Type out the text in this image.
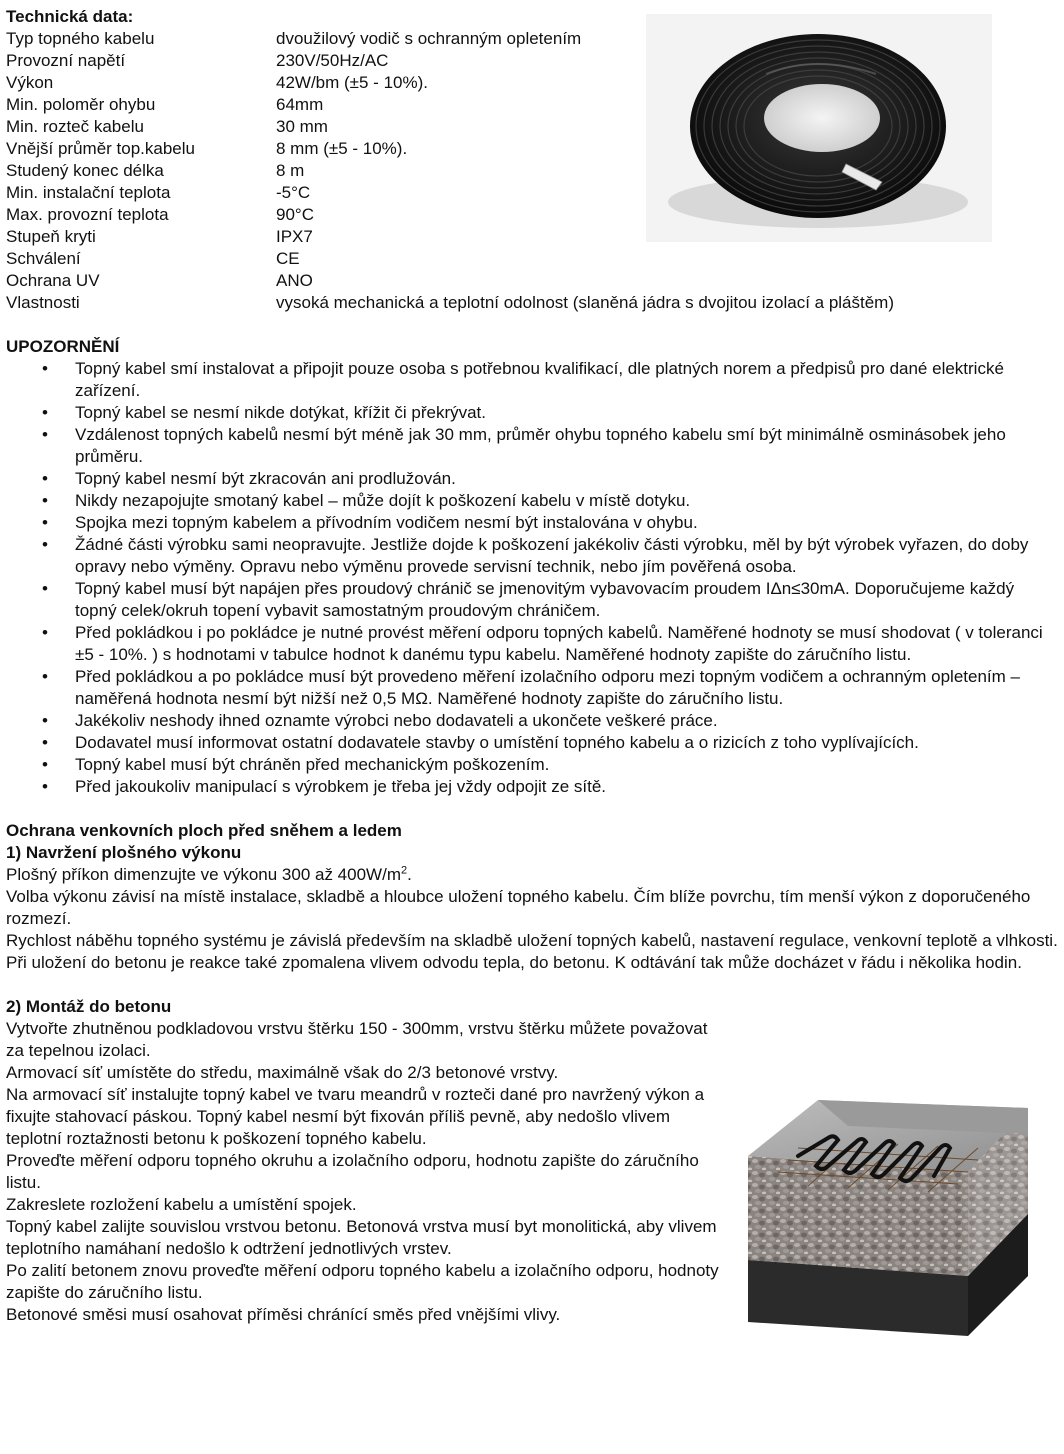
Technická data:
Typ topného kabelu	dvoužilový vodič s ochranným opletením
Provozní napětí	230V/50Hz/AC
Výkon	42W/bm (±5 - 10%).
Min. poloměr ohybu	64mm
Min. rozteč kabelu	30 mm
Vnější průměr top.kabelu	8 mm (±5 - 10%).
Studený konec délka	8 m
Min. instalační teplota	-5°C
Max. provozní teplota	90°C
Stupeň kryti	IPX7
Schválení	CE
Ochrana UV	ANO
Vlastnosti	vysoká mechanická a teplotní odolnost (slaněná jádra s dvojitou izolací a pláštěm)
UPOZORNĚNÍ
• Topný kabel smí instalovat a připojit pouze osoba s potřebnou kvalifikací, dle platných norem a předpisů pro dané elektrické zařízení.
• Topný kabel se nesmí nikde dotýkat, křížit či překrývat.
• Vzdálenost topných kabelů nesmí být méně jak 30 mm, průměr ohybu topného kabelu smí být minimálně osminásobek jeho průměru.
• Topný kabel nesmí být zkracován ani prodlužován.
• Nikdy nezapojujte smotaný kabel – může dojít k poškození kabelu v místě dotyku.
• Spojka mezi topným kabelem a přívodním vodičem nesmí být instalována v ohybu.
• Žádné části výrobku sami neopravujte. Jestliže dojde k poškození jakékoliv části výrobku, měl by být výrobek vyřazen, do doby opravy nebo výměny. Opravu nebo výměnu provede servisní technik, nebo jím pověřená osoba.
• Topný kabel musí být napájen přes proudový chránič se jmenovitým vybavovacím proudem IΔn≤30mA. Doporučujeme každý topný celek/okruh topení vybavit samostatným proudovým chráničem.
• Před pokládkou i po pokládce je nutné provést měření odporu topných kabelů. Naměřené hodnoty se musí shodovat ( v toleranci ±5 - 10%. ) s hodnotami v tabulce hodnot k danému typu kabelu. Naměřené hodnoty zapište do záručního listu.
• Před pokládkou a po pokládce musí být provedeno měření izolačního odporu mezi topným vodičem a ochranným opletením – naměřená hodnota nesmí být nižší než 0,5 MΩ. Naměřené hodnoty zapište do záručního listu.
• Jakékoliv neshody ihned oznamte výrobci nebo dodavateli a ukončete veškeré práce.
• Dodavatel musí informovat ostatní dodavatele stavby o umístění topného kabelu a o rizicích z toho vyplívajících.
• Topný kabel musí být chráněn před mechanickým poškozením.
• Před jakoukoliv manipulací s výrobkem je třeba jej vždy odpojit ze sítě.
Ochrana venkovních ploch před sněhem a ledem
1) Navržení plošného výkonu

Plošný příkon dimenzujte ve výkonu 300 až $400W/m^2$.

Volba výkonu závisí na místě instalace, skladbě a hloubce uložení topného kabelu. Čím blíže povrchu, tím menší výkon z doporučeného rozmezí.

Rychlost náběhu topného systému je závislá především na skladbě uložení topných kabelů, nastavení regulace, venkovní teplotě a vlhkosti. Při uložení do betonu je reakce také zpomalena vlivem odvodu tepla, do betonu. K odtávání tak může docházet v řádu i několika hodin.

2) Montáž do betonu

Vytvořte zhutněnou podkladovou vrstvu štěrku 150 - 300mm, vrstvu štěrku můžete považovat za tepelnou izolaci.

Armovací síť umístěte do středu, maximálně však do 2/3 betonové vrstvy.

Na armovací síť instalujte topný kabel ve tvaru meandrů v rozteči dané pro navržený výkon a fixujte stahovací páskou. Topný kabel nesmí být fixován příliš pevně, aby nedošlo vlivem teplotní roztažnosti betonu k poškození topného kabelu.

Proveďte měření odporu topného okruhu a izolačního odporu, hodnotu zapište do záručního listu.

Zakreslete rozložení kabelu a umístění spojek.

Topný kabel zalijte souvislou vrstvou betonu. Betonová vrstva musí byt monolitická, aby vlivem teplotního namáhaní nedošlo k odtržení jednotlivých vrstev.

Po zalití betonem znovu proveďte měření odporu topného kabelu a izolačního odporu, hodnoty zapište do záručního listu.

Betonové směsi musí osahovat příměsi chránící směs před vnějšími vlivy.
